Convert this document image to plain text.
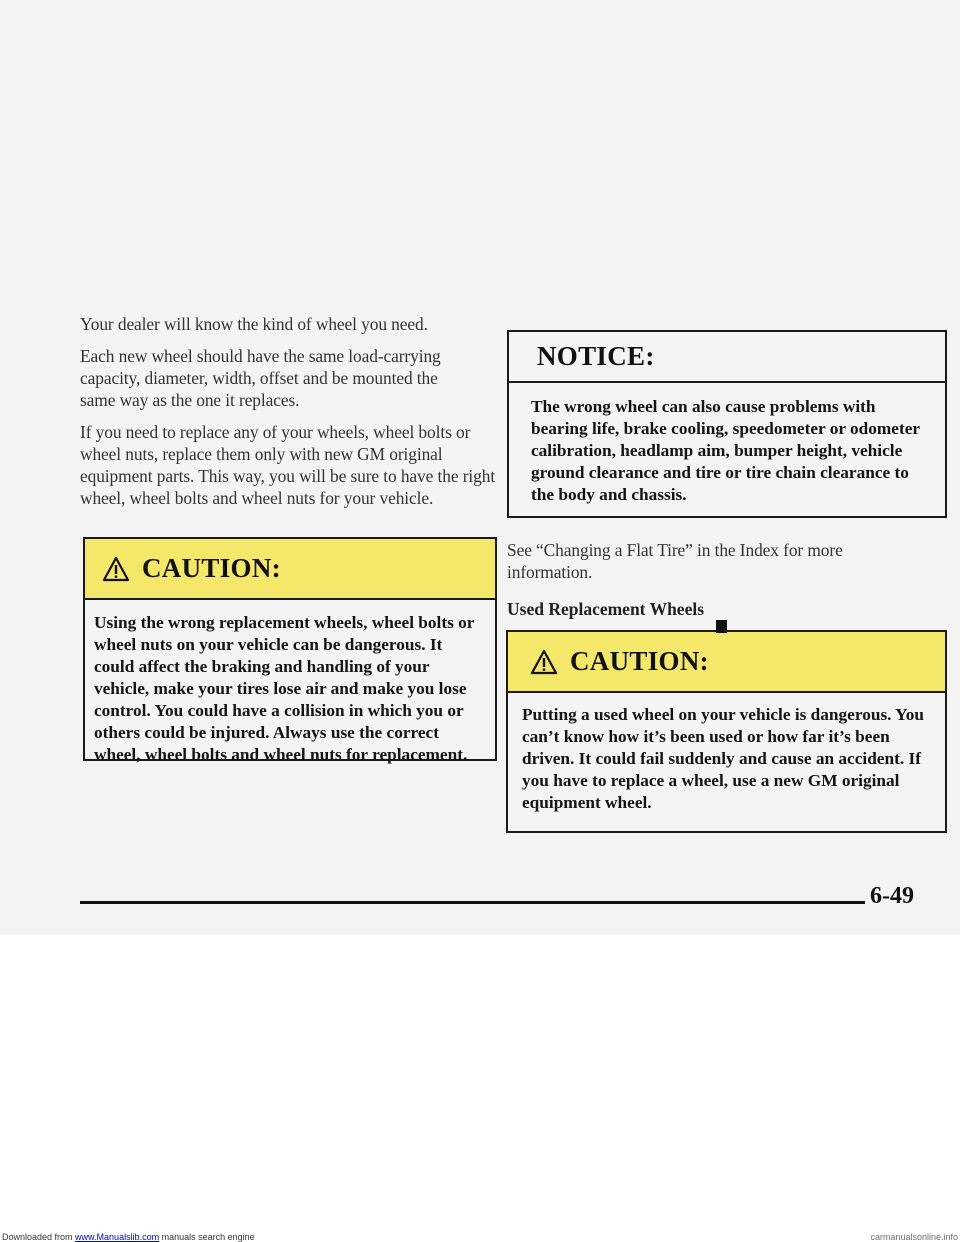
Your dealer will know the kind of wheel you need.

Each new wheel should have the same load-carrying capacity, diameter, width, offset and be mounted the same way as the one it replaces.

If you need to replace any of your wheels, wheel bolts or wheel nuts, replace them only with new GM original equipment parts. This way, you will be sure to have the right wheel, wheel bolts and wheel nuts for your vehicle.

CAUTION:
Using the wrong replacement wheels, wheel bolts or wheel nuts on your vehicle can be dangerous. It could affect the braking and handling of your vehicle, make your tires lose air and make you lose control. You could have a collision in which you or others could be injured. Always use the correct wheel, wheel bolts and wheel nuts for replacement.
NOTICE:
The wrong wheel can also cause problems with bearing life, brake cooling, speedometer or odometer calibration, headlamp aim, bumper height, vehicle ground clearance and tire or tire chain clearance to the body and chassis.

See “Changing a Flat Tire” in the Index for more information.

Used Replacement Wheels
CAUTION:
Putting a used wheel on your vehicle is dangerous. You can’t know how it’s been used or how far it’s been driven. It could fail suddenly and cause an accident. If you have to replace a wheel, use a new GM original equipment wheel.
6-49
Downloaded from www.Manualslib.com manuals search engine	carmanualsonline.info
